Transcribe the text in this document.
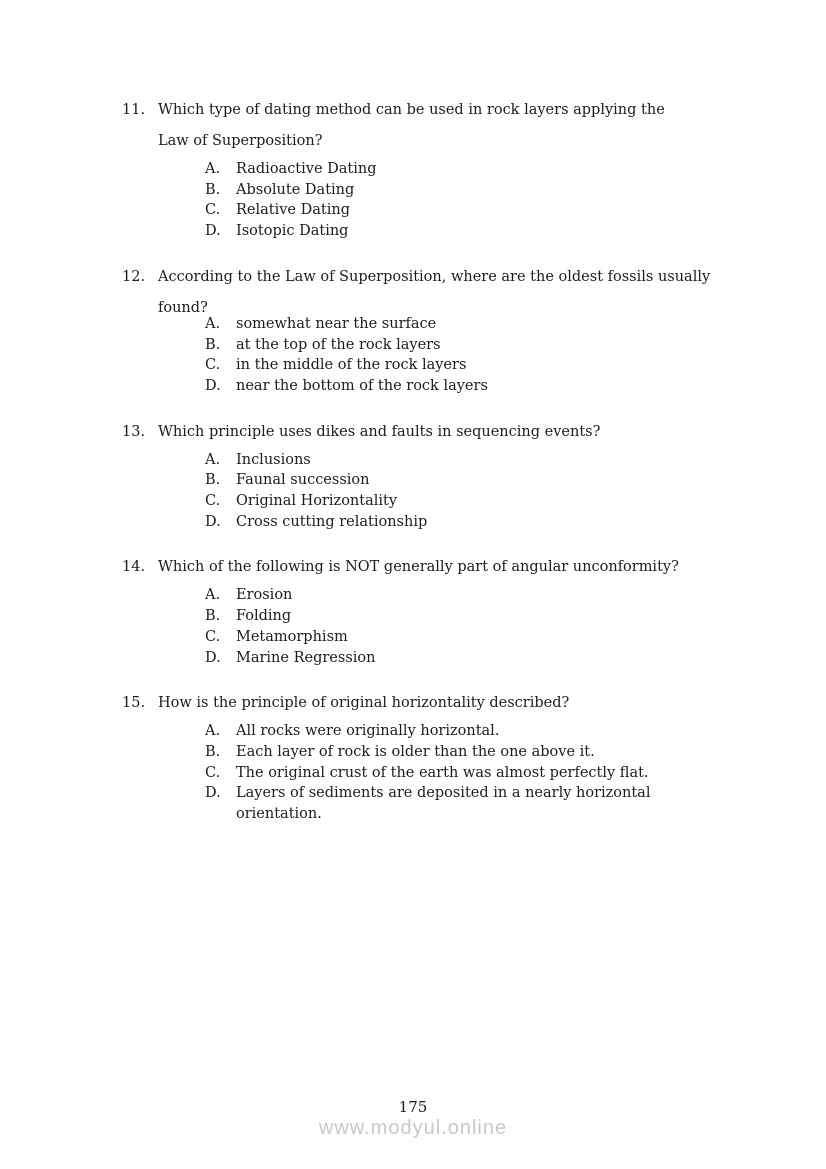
11. Which type of dating method can be used in rock layers applying the
Law of Superposition?
A.	Radioactive Dating
B.	Absolute Dating
C.	Relative Dating
D.	Isotopic Dating
12. According to the Law of Superposition, where are the oldest fossils usually
found?
A.	somewhat near the surface
B.	at the top of the rock layers
C.	in the middle of the rock layers
D.	near the bottom of the rock layers
13. Which principle uses dikes and faults in sequencing events?
A.	Inclusions
B.	Faunal succession
C.	Original Horizontality
D.	Cross cutting relationship
14. Which of the following is NOT generally part of angular unconformity?
A.	Erosion
B.	Folding
C.	Metamorphism
D.	Marine Regression
15. How is the principle of original horizontality described?
A.	All rocks were originally horizontal.
B.	Each layer of rock is older than the one above it.
C.	The original crust of the earth was almost perfectly flat.
D.	Layers of sediments are deposited in a nearly horizontal
orientation.
175
www.modyul.online
